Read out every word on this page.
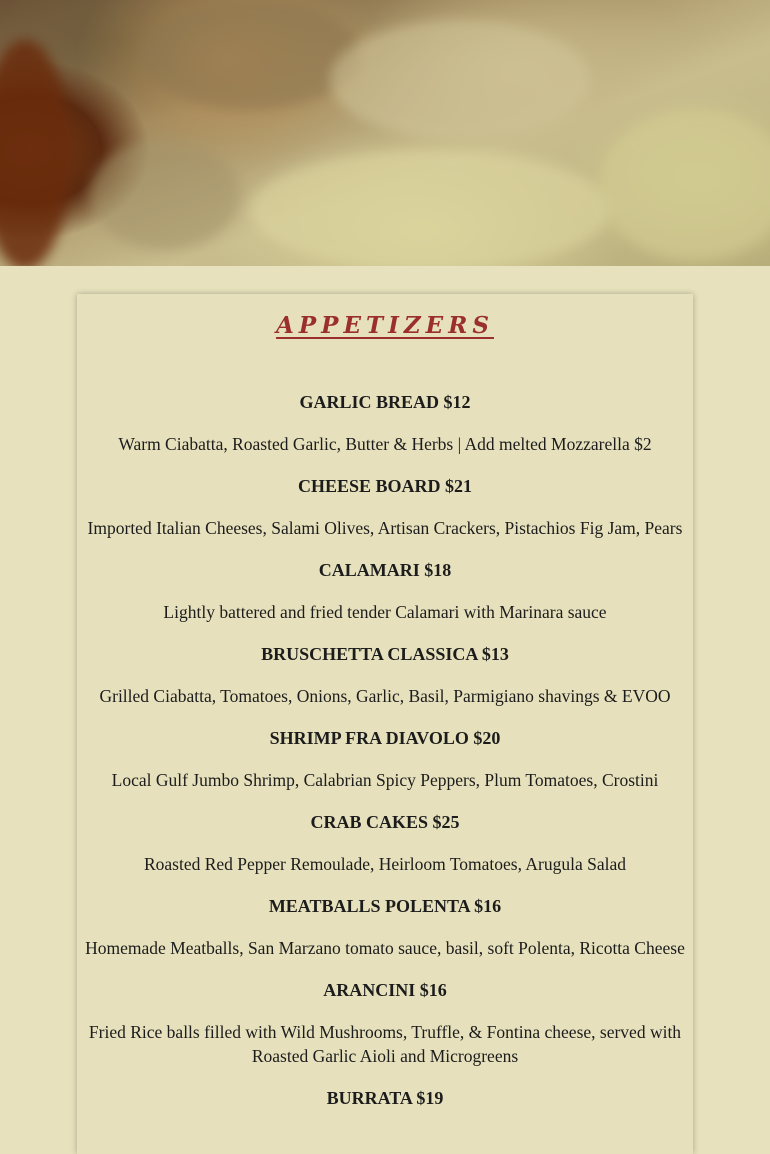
APPETIZERS
GARLIC BREAD $12
Warm Ciabatta, Roasted Garlic, Butter & Herbs | Add melted Mozzarella $2
CHEESE BOARD $21
Imported Italian Cheeses, Salami Olives, Artisan Crackers, Pistachios Fig Jam, Pears
CALAMARI $18
Lightly battered and fried tender Calamari with Marinara sauce
BRUSCHETTA CLASSICA $13
Grilled Ciabatta, Tomatoes, Onions, Garlic, Basil, Parmigiano shavings & EVOO
SHRIMP FRA DIAVOLO $20
Local Gulf Jumbo Shrimp, Calabrian Spicy Peppers, Plum Tomatoes, Crostini
CRAB CAKES $25
Roasted Red Pepper Remoulade, Heirloom Tomatoes, Arugula Salad
MEATBALLS POLENTA $16
Homemade Meatballs, San Marzano tomato sauce, basil, soft Polenta, Ricotta Cheese
ARANCINI $16
Fried Rice balls filled with Wild Mushrooms, Truffle, & Fontina cheese, served with Roasted Garlic Aioli and Microgreens
BURRATA $19
